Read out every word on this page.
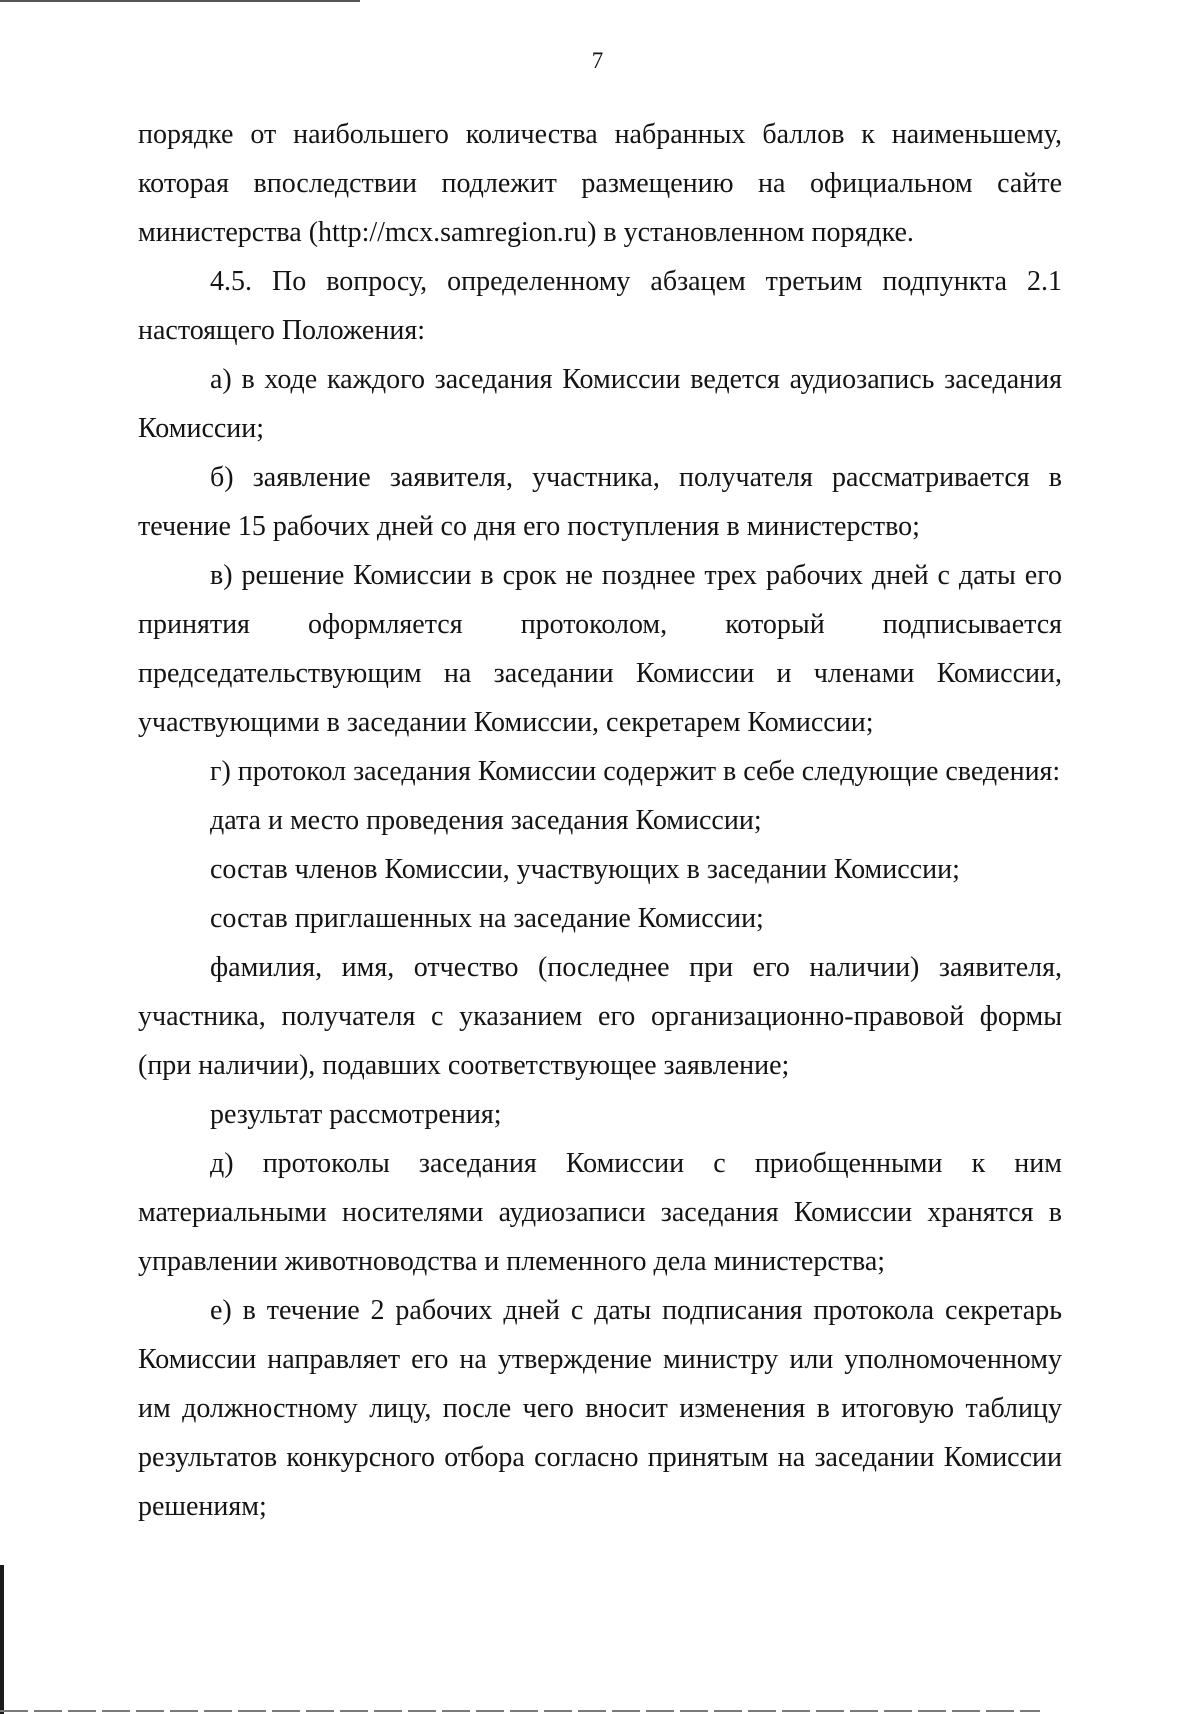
7

порядке от наибольшего количества набранных баллов к наименьшему, которая впоследствии подлежит размещению на официальном сайте министерства (http://mcx.samregion.ru) в установленном порядке.

4.5. По вопросу, определенному абзацем третьим подпункта 2.1 настоящего Положения:

а) в ходе каждого заседания Комиссии ведется аудиозапись заседания Комиссии;

б) заявление заявителя, участника, получателя рассматривается в течение 15 рабочих дней со дня его поступления в министерство;

в) решение Комиссии в срок не позднее трех рабочих дней с даты его принятия оформляется протоколом, который подписывается председательствующим на заседании Комиссии и членами Комиссии, участвующими в заседании Комиссии, секретарем Комиссии;

г) протокол заседания Комиссии содержит в себе следующие сведения:

дата и место проведения заседания Комиссии;

состав членов Комиссии, участвующих в заседании Комиссии;

состав приглашенных на заседание Комиссии;

фамилия, имя, отчество (последнее при его наличии) заявителя, участника, получателя с указанием его организационно-правовой формы (при наличии), подавших соответствующее заявление;

результат рассмотрения;

д) протоколы заседания Комиссии с приобщенными к ним материальными носителями аудиозаписи заседания Комиссии хранятся в управлении животноводства и племенного дела министерства;

е) в течение 2 рабочих дней с даты подписания протокола секретарь Комиссии направляет его на утверждение министру или уполномоченному им должностному лицу, после чего вносит изменения в итоговую таблицу результатов конкурсного отбора согласно принятым на заседании Комиссии решениям;
